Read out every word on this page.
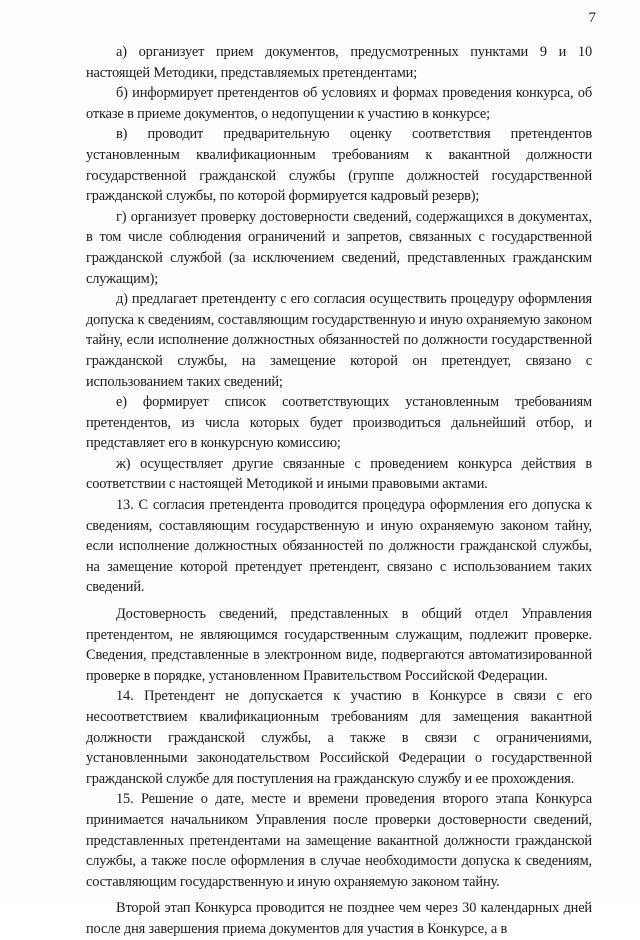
7

а) организует прием документов, предусмотренных пунктами 9 и 10 настоящей Методики, представляемых претендентами;

б) информирует претендентов об условиях и формах проведения конкурса, об отказе в приеме документов, о недопущении к участию в конкурсе;

в) проводит предварительную оценку соответствия претендентов установленным квалификационным требованиям к вакантной должности государственной гражданской службы (группе должностей государственной гражданской службы, по которой формируется кадровый резерв);

г) организует проверку достоверности сведений, содержащихся в документах, в том числе соблюдения ограничений и запретов, связанных с государственной гражданской службой (за исключением сведений, представленных гражданским служащим);

д) предлагает претенденту с его согласия осуществить процедуру оформления допуска к сведениям, составляющим государственную и иную охраняемую законом тайну, если исполнение должностных обязанностей по должности государственной гражданской службы, на замещение которой он претендует, связано с использованием таких сведений;

е) формирует список соответствующих установленным требованиям претендентов, из числа которых будет производиться дальнейший отбор, и представляет его в конкурсную комиссию;

ж) осуществляет другие связанные с проведением конкурса действия в соответствии с настоящей Методикой и иными правовыми актами.

13. С согласия претендента проводится процедура оформления его допуска к сведениям, составляющим государственную и иную охраняемую законом тайну, если исполнение должностных обязанностей по должности гражданской службы, на замещение которой претендует претендент, связано с использованием таких сведений.

Достоверность сведений, представленных в общий отдел Управления претендентом, не являющимся государственным служащим, подлежит проверке. Сведения, представленные в электронном виде, подвергаются автоматизированной проверке в порядке, установленном Правительством Российской Федерации.

14. Претендент не допускается к участию в Конкурсе в связи с его несоответствием квалификационным требованиям для замещения вакантной должности гражданской службы, а также в связи с ограничениями, установленными законодательством Российской Федерации о государственной гражданской службе для поступления на гражданскую службу и ее прохождения.

15. Решение о дате, месте и времени проведения второго этапа Конкурса принимается начальником Управления после проверки достоверности сведений, представленных претендентами на замещение вакантной должности гражданской службы, а также после оформления в случае необходимости допуска к сведениям, составляющим государственную и иную охраняемую законом тайну.

Второй этап Конкурса проводится не позднее чем через 30 календарных дней после дня завершения приема документов для участия в Конкурсе, а в
